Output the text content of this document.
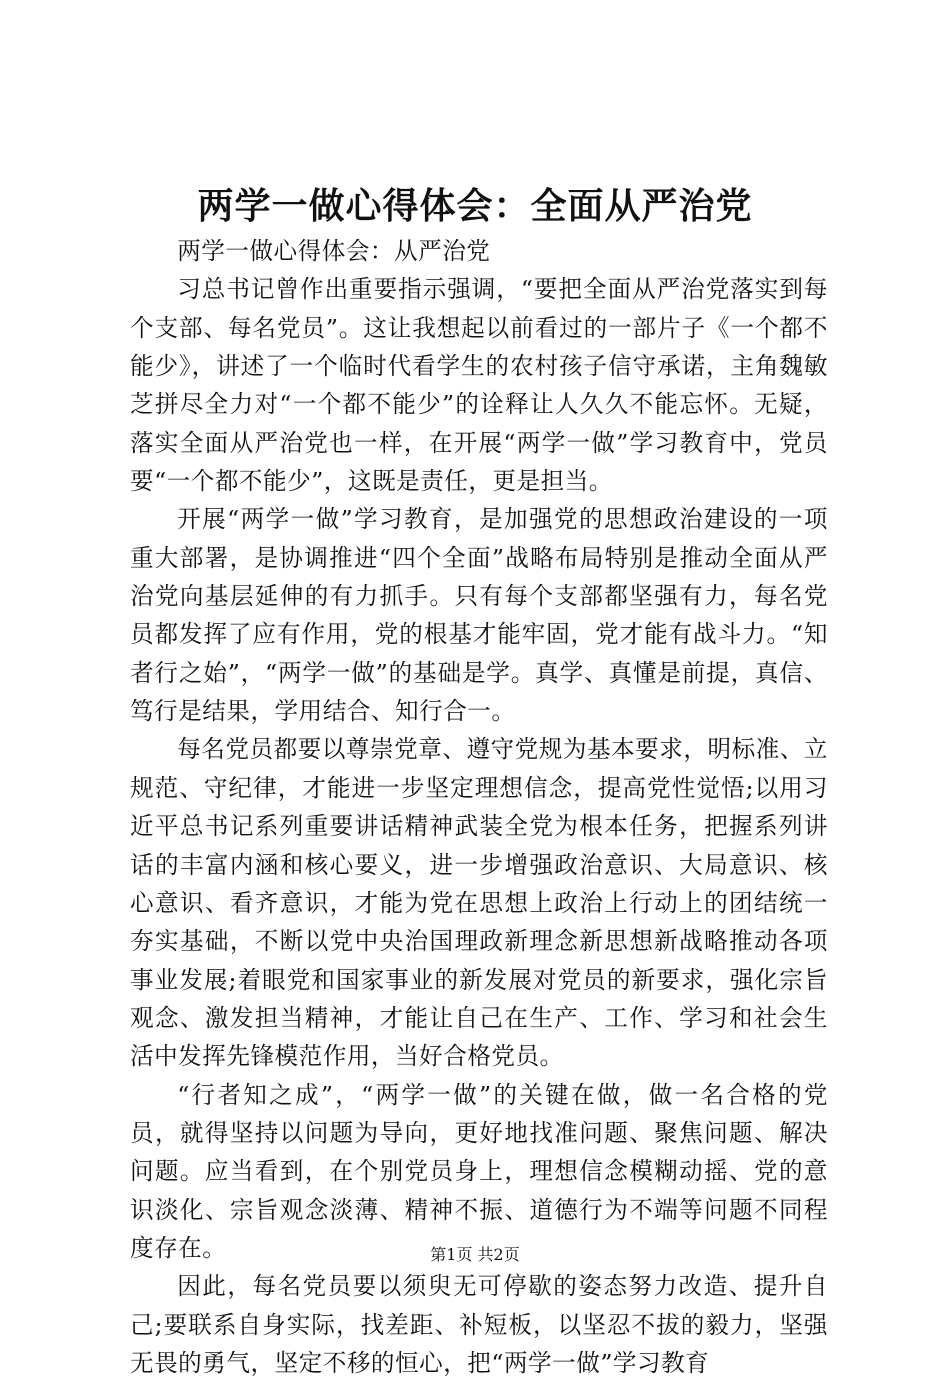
两学一做心得体会：全面从严治党

两学一做心得体会：从严治党

习总书记曾作出重要指示强调，“要把全面从严治党落实到每个支部、每名党员”。这让我想起以前看过的一部片子《一个都不能少》，讲述了一个临时代看学生的农村孩子信守承诺，主角魏敏芝拼尽全力对“一个都不能少”的诠释让人久久不能忘怀。无疑，落实全面从严治党也一样，在开展“两学一做”学习教育中，党员要“一个都不能少”，这既是责任，更是担当。

开展“两学一做”学习教育，是加强党的思想政治建设的一项重大部署，是协调推进“四个全面”战略布局特别是推动全面从严治党向基层延伸的有力抓手。只有每个支部都坚强有力，每名党员都发挥了应有作用，党的根基才能牢固，党才能有战斗力。“知者行之始”，“两学一做”的基础是学。真学、真懂是前提，真信、笃行是结果，学用结合、知行合一。

每名党员都要以尊崇党章、遵守党规为基本要求，明标准、立规范、守纪律，才能进一步坚定理想信念，提高党性觉悟;以用习近平总书记系列重要讲话精神武装全党为根本任务，把握系列讲话的丰富内涵和核心要义，进一步增强政治意识、大局意识、核心意识、看齐意识，才能为党在思想上政治上行动上的团结统一夯实基础，不断以党中央治国理政新理念新思想新战略推动各项事业发展;着眼党和国家事业的新发展对党员的新要求，强化宗旨观念、激发担当精神，才能让自己在生产、工作、学习和社会生活中发挥先锋模范作用，当好合格党员。

“行者知之成”，“两学一做”的关键在做，做一名合格的党员，就得坚持以问题为导向，更好地找准问题、聚焦问题、解决问题。应当看到，在个别党员身上，理想信念模糊动摇、党的意识淡化、宗旨观念淡薄、精神不振、道德行为不端等问题不同程度存在。

因此，每名党员要以须臾无可停歇的姿态努力改造、提升自己;要联系自身实际，找差距、补短板，以坚忍不拔的毅力，坚强无畏的勇气，坚定不移的恒心，把“两学一做”学习教育

第1页 共2页
